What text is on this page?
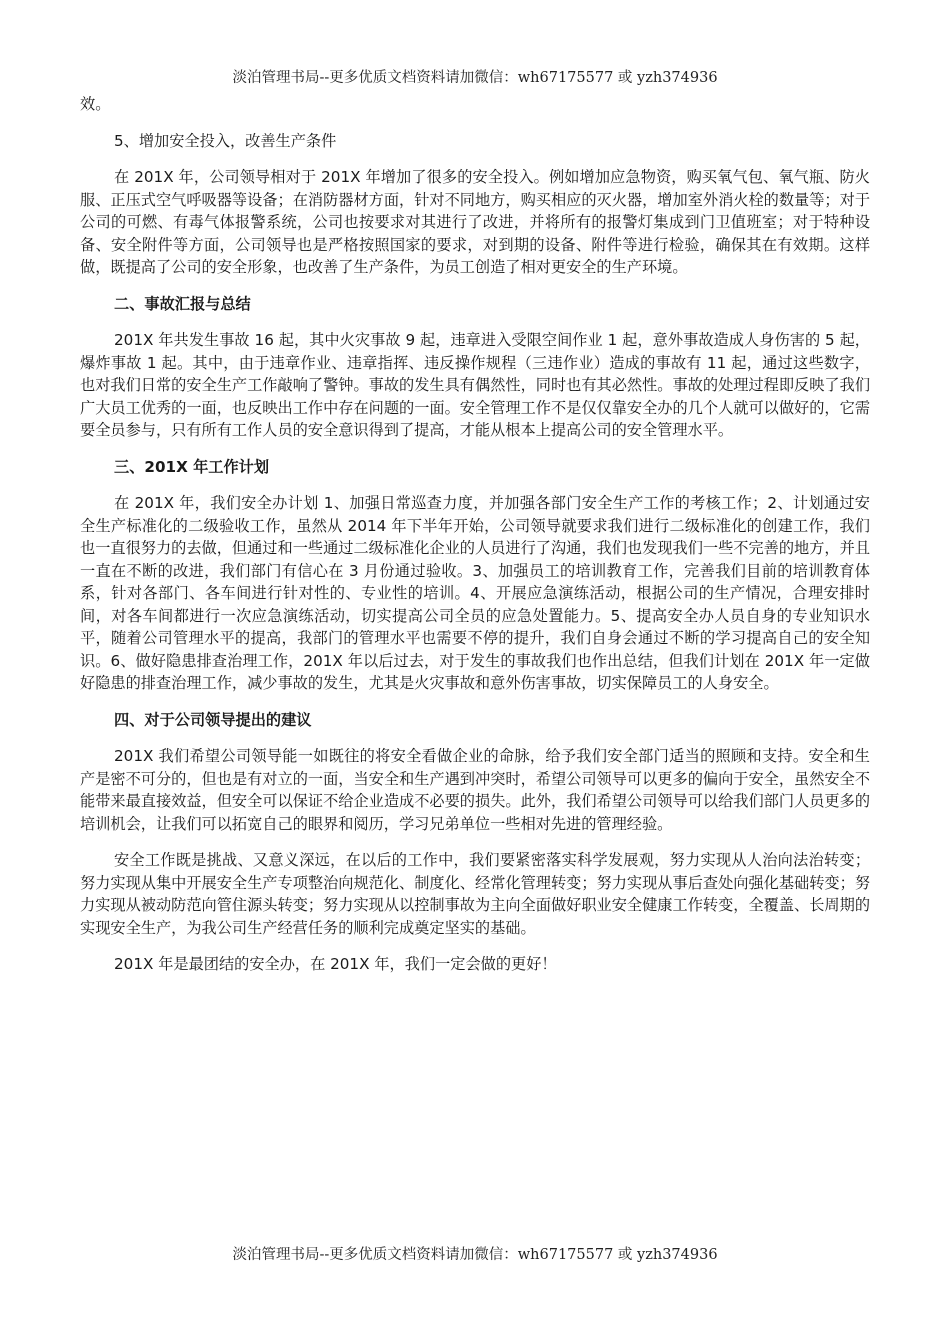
淡泊管理书局--更多优质文档资料请加微信：wh67175577 或 yzh374936

效。

5、增加安全投入，改善生产条件

在 201X 年，公司领导相对于 201X 年增加了很多的安全投入。例如增加应急物资，购买氧气包、氧气瓶、防火服、正压式空气呼吸器等设备；在消防器材方面，针对不同地方，购买相应的灭火器，增加室外消火栓的数量等；对于公司的可燃、有毒气体报警系统，公司也按要求对其进行了改进，并将所有的报警灯集成到门卫值班室；对于特种设备、安全附件等方面，公司领导也是严格按照国家的要求，对到期的设备、附件等进行检验，确保其在有效期。这样做，既提高了公司的安全形象，也改善了生产条件，为员工创造了相对更安全的生产环境。

二、事故汇报与总结

201X 年共发生事故 16 起，其中火灾事故 9 起，违章进入受限空间作业 1 起，意外事故造成人身伤害的 5 起，爆炸事故 1 起。其中，由于违章作业、违章指挥、违反操作规程（三违作业）造成的事故有 11 起，通过这些数字，也对我们日常的安全生产工作敲响了警钟。事故的发生具有偶然性，同时也有其必然性。事故的处理过程即反映了我们广大员工优秀的一面，也反映出工作中存在问题的一面。安全管理工作不是仅仅靠安全办的几个人就可以做好的，它需要全员参与，只有所有工作人员的安全意识得到了提高，才能从根本上提高公司的安全管理水平。

三、201X 年工作计划

在 201X 年，我们安全办计划 1、加强日常巡查力度，并加强各部门安全生产工作的考核工作；2、计划通过安全生产标准化的二级验收工作，虽然从 2014 年下半年开始，公司领导就要求我们进行二级标准化的创建工作，我们也一直很努力的去做，但通过和一些通过二级标准化企业的人员进行了沟通，我们也发现我们一些不完善的地方，并且一直在不断的改进，我们部门有信心在 3 月份通过验收。3、加强员工的培训教育工作，完善我们目前的培训教育体系，针对各部门、各车间进行针对性的、专业性的培训。4、开展应急演练活动，根据公司的生产情况，合理安排时间，对各车间都进行一次应急演练活动，切实提高公司全员的应急处置能力。5、提高安全办人员自身的专业知识水平，随着公司管理水平的提高，我部门的管理水平也需要不停的提升，我们自身会通过不断的学习提高自己的安全知识。6、做好隐患排查治理工作，201X 年以后过去，对于发生的事故我们也作出总结，但我们计划在 201X 年一定做好隐患的排查治理工作，减少事故的发生，尤其是火灾事故和意外伤害事故，切实保障员工的人身安全。

四、对于公司领导提出的建议

201X 我们希望公司领导能一如既往的将安全看做企业的命脉，给予我们安全部门适当的照顾和支持。安全和生产是密不可分的，但也是有对立的一面，当安全和生产遇到冲突时，希望公司领导可以更多的偏向于安全，虽然安全不能带来最直接效益，但安全可以保证不给企业造成不必要的损失。此外，我们希望公司领导可以给我们部门人员更多的培训机会，让我们可以拓宽自己的眼界和阅历，学习兄弟单位一些相对先进的管理经验。

安全工作既是挑战、又意义深远，在以后的工作中，我们要紧密落实科学发展观，努力实现从人治向法治转变；努力实现从集中开展安全生产专项整治向规范化、制度化、经常化管理转变；努力实现从事后查处向强化基础转变；努力实现从被动防范向管住源头转变；努力实现从以控制事故为主向全面做好职业安全健康工作转变，全覆盖、长周期的实现安全生产，为我公司生产经营任务的顺利完成奠定坚实的基础。

201X 年是最团结的安全办，在 201X 年，我们一定会做的更好！

淡泊管理书局--更多优质文档资料请加微信：wh67175577 或 yzh374936
